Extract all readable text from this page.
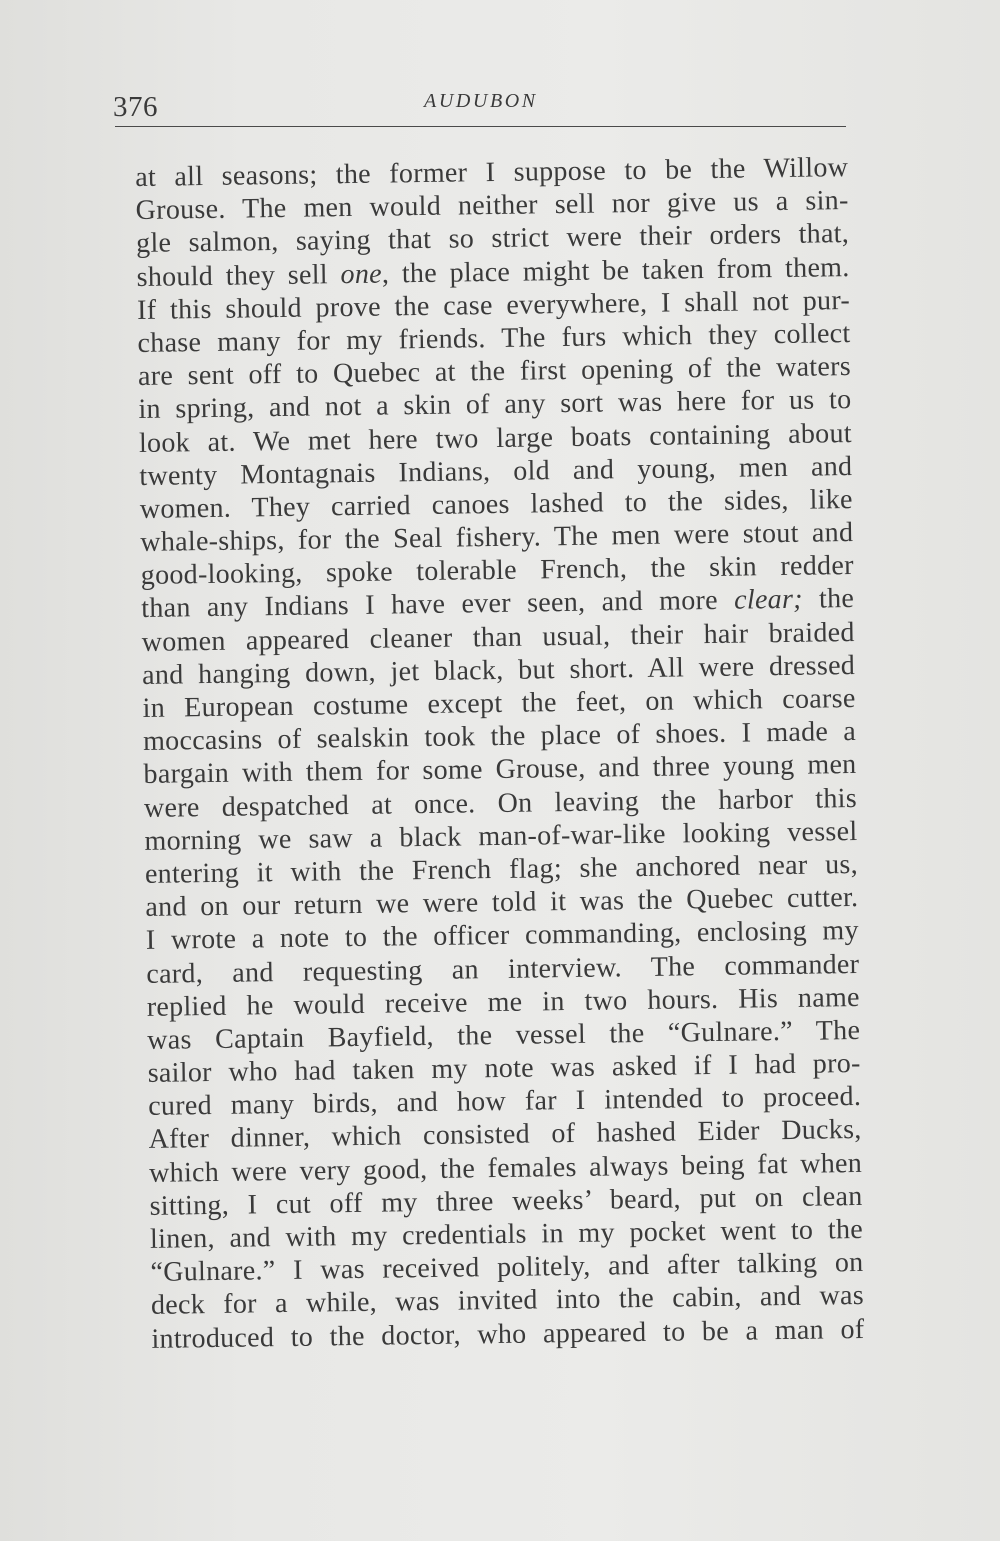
376	AUDUBON
at all seasons; the former I suppose to be the Willow
Grouse. The men would neither sell nor give us a sin-
gle salmon, saying that so strict were their orders that,
should they sell one, the place might be taken from them.
If this should prove the case everywhere, I shall not pur-
chase many for my friends. The furs which they collect
are sent off to Quebec at the first opening of the waters
in spring, and not a skin of any sort was here for us to
look at. We met here two large boats containing about
twenty Montagnais Indians, old and young, men and
women. They carried canoes lashed to the sides, like
whale-ships, for the Seal fishery. The men were stout and
good-looking, spoke tolerable French, the skin redder
than any Indians I have ever seen, and more clear; the
women appeared cleaner than usual, their hair braided
and hanging down, jet black, but short. All were dressed
in European costume except the feet, on which coarse
moccasins of sealskin took the place of shoes. I made a
bargain with them for some Grouse, and three young men
were despatched at once. On leaving the harbor this
morning we saw a black man-of-war-like looking vessel
entering it with the French flag; she anchored near us,
and on our return we were told it was the Quebec cutter.
I wrote a note to the officer commanding, enclosing my
card, and requesting an interview. The commander
replied he would receive me in two hours. His name
was Captain Bayfield, the vessel the “Gulnare.” The
sailor who had taken my note was asked if I had pro-
cured many birds, and how far I intended to proceed.
After dinner, which consisted of hashed Eider Ducks,
which were very good, the females always being fat when
sitting, I cut off my three weeks’ beard, put on clean
linen, and with my credentials in my pocket went to the
“Gulnare.” I was received politely, and after talking on
deck for a while, was invited into the cabin, and was
introduced to the doctor, who appeared to be a man of
